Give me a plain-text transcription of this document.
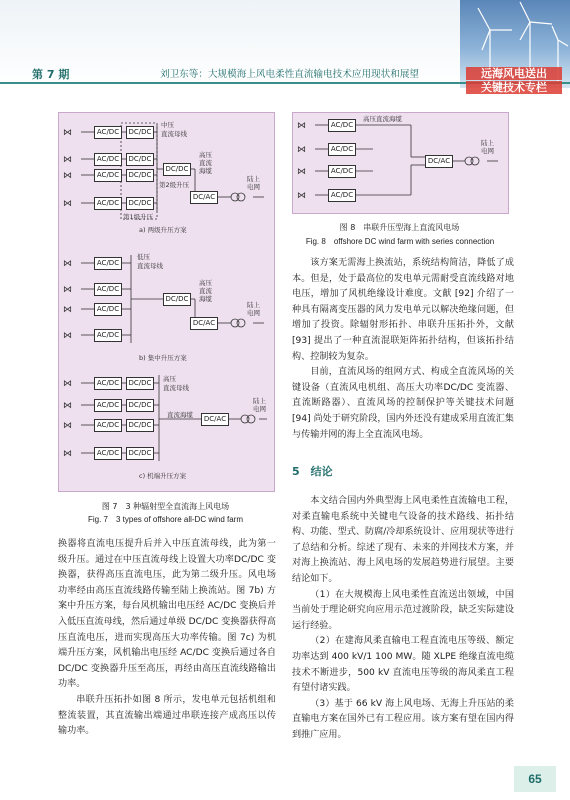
第 7 期	刘卫东等：大规模海上风电柔性直流输电技术应用现状和展望	远海风电送出
关键技术专栏
⋈
⋈
⋈
⋈
⋈
⋈
⋈
⋈
⋈
⋈
⋈
⋈
AC/DC	DC/DC
AC/DC	DC/DC
AC/DC	DC/DC
AC/DC	DC/DC
DC/DC
DC/AC
中压
直流母线
高压
直流
海缆
第2级升压
陆上
电网
第1级升压
a) 两级升压方案
AC/DC
AC/DC
AC/DC
AC/DC
DC/DC
DC/AC
低压
直流母线
高压
直流
海缆
陆上
电网
b) 集中升压方案
AC/DC	DC/DC
AC/DC	DC/DC
AC/DC	DC/DC
AC/DC	DC/DC
DC/AC
高压
直流母线
直流海缆
陆上
电网
c) 机端升压方案
图 7　3 种辐射型全直流海上风电场
Fig. 7　3 types of offshore all-DC wind farm
⋈
⋈
⋈
⋈
AC/DC
AC/DC
AC/DC
AC/DC
DC/AC
高压直流海缆
陆上
电网
图 8　串联升压型海上直流风电场
Fig. 8　offshore DC wind farm with series connection

该方案无需海上换流站，系统结构简洁，降低了成本。但是，处于最高位的发电单元需耐受直流线路对地电压，增加了风机绝缘设计难度。文献 [92] 介绍了一种具有隔离变压器的风力发电单元以解决绝缘问题，但增加了投资。除辐射形拓扑、串联升压拓扑外，文献 [93] 提出了一种直流混联矩阵拓扑结构，但该拓扑结构、控制较为复杂。

目前，直流风场的组网方式、构成全直流风场的关键设备（直流风电机组、高压大功率DC/DC 变流器、直流断路器）、直流风场的控制保护等关键技术问题[94] 尚处于研究阶段，国内外还没有建成采用直流汇集与传输并网的海上全直流风电场。

5　结论

本文结合国内外典型海上风电柔性直流输电工程，对柔直输电系统中关键电气设备的技术路线、拓扑结构、功能、型式、防腐/冷却系统设计、应用现状等进行了总结和分析。综述了现有、未来的并网技术方案，并对海上换流站、海上风电场的发展趋势进行展望。主要结论如下。

（1）在大规模海上风电柔性直流送出领域，中国当前处于理论研究向应用示范过渡阶段，缺乏实际建设运行经验。

（2）在建海风柔直输电工程直流电压等级、额定功率达到 400 kV/1 100 MW。随 XLPE 绝缘直流电缆技术不断进步，500 kV 直流电压等级的海风柔直工程有望付诸实践。

（3）基于 66 kV 海上风电场、无海上升压站的柔直输电方案在国外已有工程应用。该方案有望在国内得到推广应用。

换器将直流电压提升后并入中压直流母线，此为第一级升压。通过在中压直流母线上设置大功率DC/DC 变换器，获得高压直流电压，此为第二级升压。风电场功率经由高压直流线路传输至陆上换流站。图 7b) 方案中升压方案，每台风机输出电压经 AC/DC 变换后并入低压直流母线，然后通过单级 DC/DC 变换器获得高压直流电压，进而实现高压大功率传输。图 7c) 为机端升压方案，风机输出电压经 AC/DC 变换后通过各自 DC/DC 变换器升压至高压，再经由高压直流线路输出功率。

串联升压拓扑如图 8 所示，发电单元包括机组和整流装置，其直流输出端通过串联连接产成高压以传输功率。

65
